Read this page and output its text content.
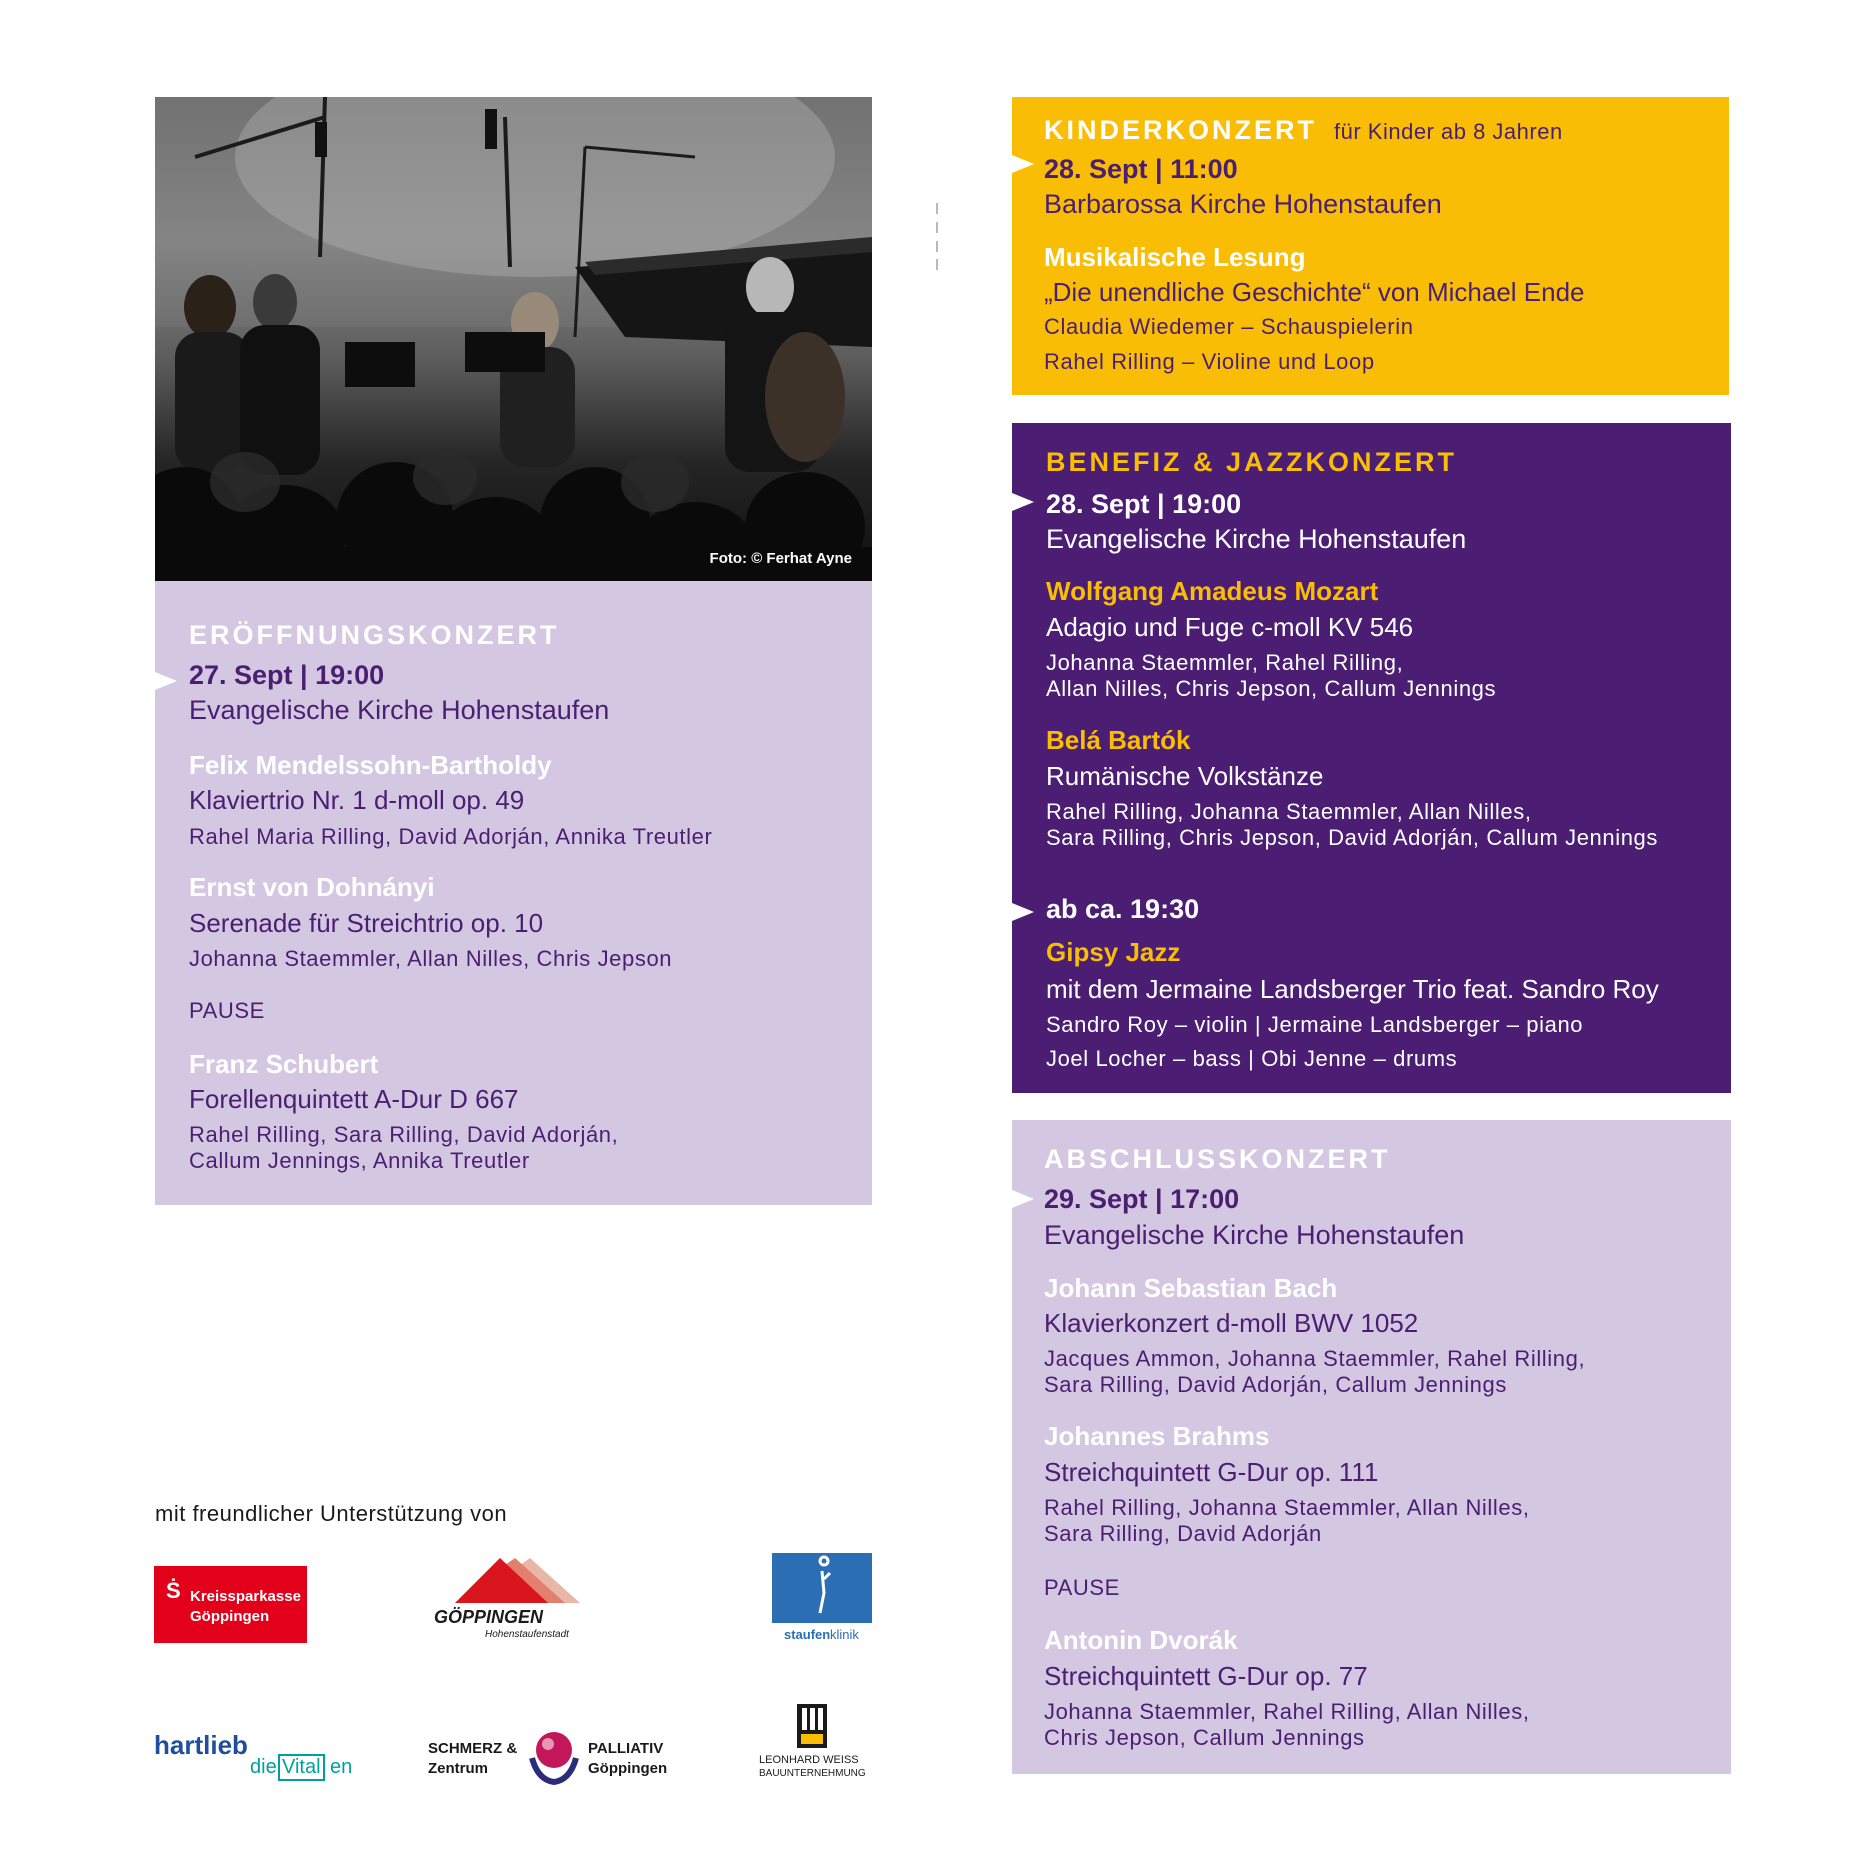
Foto: © Ferhat Ayne
ERÖFFNUNGSKONZERT
27. Sept | 19:00
Evangelische Kirche Hohenstaufen
Felix Mendelssohn-Bartholdy
Klaviertrio Nr. 1 d-moll op. 49
Rahel Maria Rilling, David Adorján, Annika Treutler
Ernst von Dohnányi
Serenade für Streichtrio op. 10
Johanna Staemmler, Allan Nilles, Chris Jepson
PAUSE
Franz Schubert
Forellenquintett A-Dur D 667
Rahel Rilling, Sara Rilling, David Adorján,
Callum Jennings, Annika Treutler
KINDERKONZERT für Kinder ab 8 Jahren
28. Sept | 11:00
Barbarossa Kirche Hohenstaufen
Musikalische Lesung
„Die unendliche Geschichte“ von Michael Ende
Claudia Wiedemer – Schauspielerin
Rahel Rilling – Violine und Loop
BENEFIZ & JAZZKONZERT
28. Sept | 19:00
Evangelische Kirche Hohenstaufen
Wolfgang Amadeus Mozart
Adagio und Fuge c-moll KV 546
Johanna Staemmler, Rahel Rilling,
Allan Nilles, Chris Jepson, Callum Jennings
Belá Bartók
Rumänische Volkstänze
Rahel Rilling, Johanna Staemmler, Allan Nilles,
Sara Rilling, Chris Jepson, David Adorján, Callum Jennings
ab ca. 19:30
Gipsy Jazz
mit dem Jermaine Landsberger Trio feat. Sandro Roy
Sandro Roy – violin | Jermaine Landsberger – piano
Joel Locher – bass | Obi Jenne – drums
ABSCHLUSSKONZERT
29. Sept | 17:00
Evangelische Kirche Hohenstaufen
Johann Sebastian Bach
Klavierkonzert d-moll BWV 1052
Jacques Ammon, Johanna Staemmler, Rahel Rilling,
Sara Rilling, David Adorján, Callum Jennings
Johannes Brahms
Streichquintett G-Dur op. 111
Rahel Rilling, Johanna Staemmler, Allan Nilles,
Sara Rilling, David Adorján
PAUSE
Antonin Dvorák
Streichquintett G-Dur op. 77
Johanna Staemmler, Rahel Rilling, Allan Nilles,
Chris Jepson, Callum Jennings
mit freundlicher Unterstützung von
Ṡ Kreissparkasse
Göppingen	GÖPPINGEN
Hohenstaufenstadt	staufen klinik
hartlieb
die Vital en
SCHMERZ &
Zentrum
PALLIATIV
Göppingen	LEONHARD WEISS
BAUUNTERNEHMUNG
